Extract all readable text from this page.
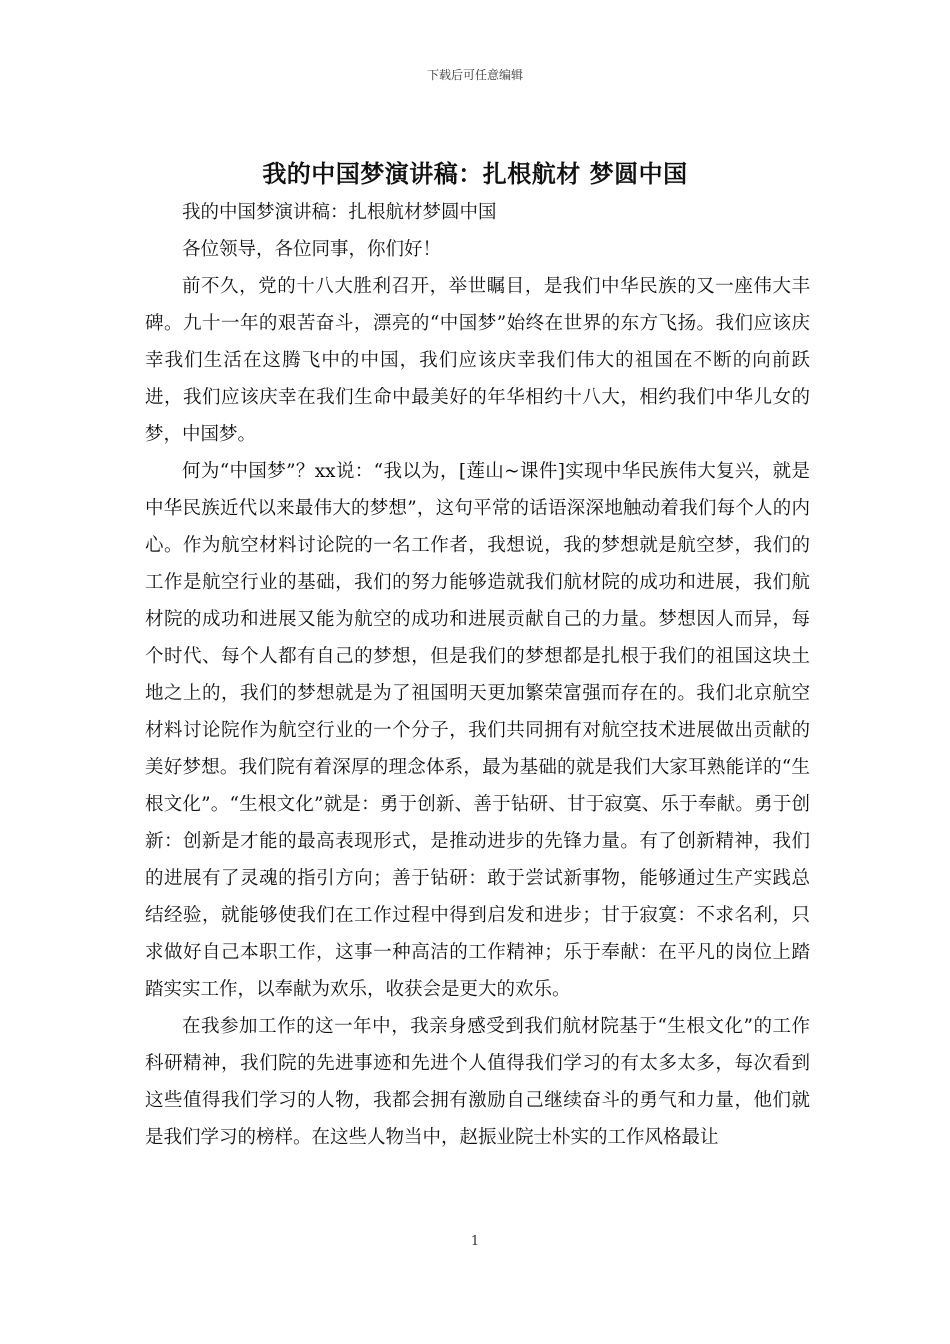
下载后可任意编辑
我的中国梦演讲稿：扎根航材 梦圆中国

我的中国梦演讲稿：扎根航材梦圆中国

各位领导，各位同事，你们好！

前不久，党的十八大胜利召开，举世瞩目，是我们中华民族的又一座伟大丰碑。九十一年的艰苦奋斗，漂亮的“中国梦”始终在世界的东方飞扬。我们应该庆幸我们生活在这腾飞中的中国，我们应该庆幸我们伟大的祖国在不断的向前跃进，我们应该庆幸在我们生命中最美好的年华相约十八大，相约我们中华儿女的梦，中国梦。

何为“中国梦”？xx说：“我以为，[莲山~课件]实现中华民族伟大复兴，就是中华民族近代以来最伟大的梦想”，这句平常的话语深深地触动着我们每个人的内心。作为航空材料讨论院的一名工作者，我想说，我的梦想就是航空梦，我们的工作是航空行业的基础，我们的努力能够造就我们航材院的成功和进展，我们航材院的成功和进展又能为航空的成功和进展贡献自己的力量。梦想因人而异，每个时代、每个人都有自己的梦想，但是我们的梦想都是扎根于我们的祖国这块土地之上的，我们的梦想就是为了祖国明天更加繁荣富强而存在的。我们北京航空材料讨论院作为航空行业的一个分子，我们共同拥有对航空技术进展做出贡献的美好梦想。我们院有着深厚的理念体系，最为基础的就是我们大家耳熟能详的“生根文化”。“生根文化”就是：勇于创新、善于钻研、甘于寂寞、乐于奉献。勇于创新：创新是才能的最高表现形式，是推动进步的先锋力量。有了创新精神，我们的进展有了灵魂的指引方向；善于钻研：敢于尝试新事物，能够通过生产实践总结经验，就能够使我们在工作过程中得到启发和进步；甘于寂寞：不求名利，只求做好自己本职工作，这事一种高洁的工作精神；乐于奉献：在平凡的岗位上踏踏实实工作，以奉献为欢乐，收获会是更大的欢乐。

在我参加工作的这一年中，我亲身感受到我们航材院基于“生根文化”的工作科研精神，我们院的先进事迹和先进个人值得我们学习的有太多太多，每次看到这些值得我们学习的人物，我都会拥有激励自己继续奋斗的勇气和力量，他们就是我们学习的榜样。在这些人物当中，赵振业院士朴实的工作风格最让

1
